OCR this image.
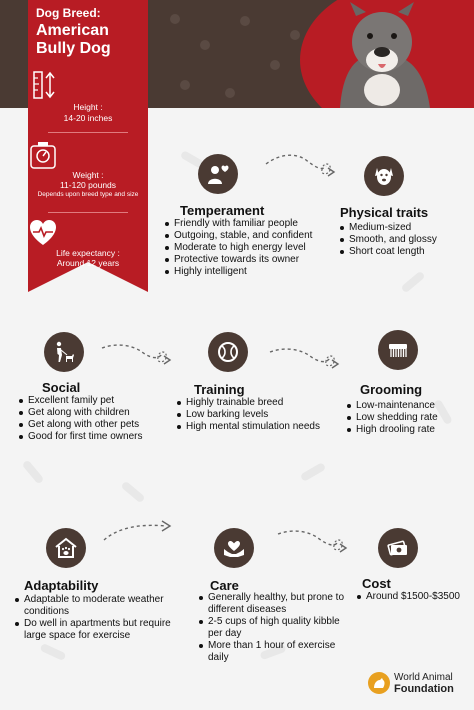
Dog Breed:
American Bully Dog
Height :
14-20 inches
Weight :
11-120 pounds
Depends upon breed type and size
Life expectancy :
Around 12 years
Temperament
Friendly with familiar people
Outgoing, stable, and confident
Moderate to high energy level
Protective towards its owner
Highly intelligent
Physical traits
Medium-sized
Smooth, and glossy
Short coat length
Social
Excellent family pet
Get along with children
Get along with other pets
Good for first time owners
Training
Highly trainable breed
Low barking levels
High mental stimulation needs
Grooming
Low-maintenance
Low shedding rate
High drooling rate
Adaptability
Adaptable to moderate weather conditions
Do well in apartments but require large space for exercise
Care
Generally healthy, but prone to different diseases
2-5 cups of high quality kibble per day
More than 1 hour of exercise daily
Cost
Around $1500-$3500
World Animal
Foundation
